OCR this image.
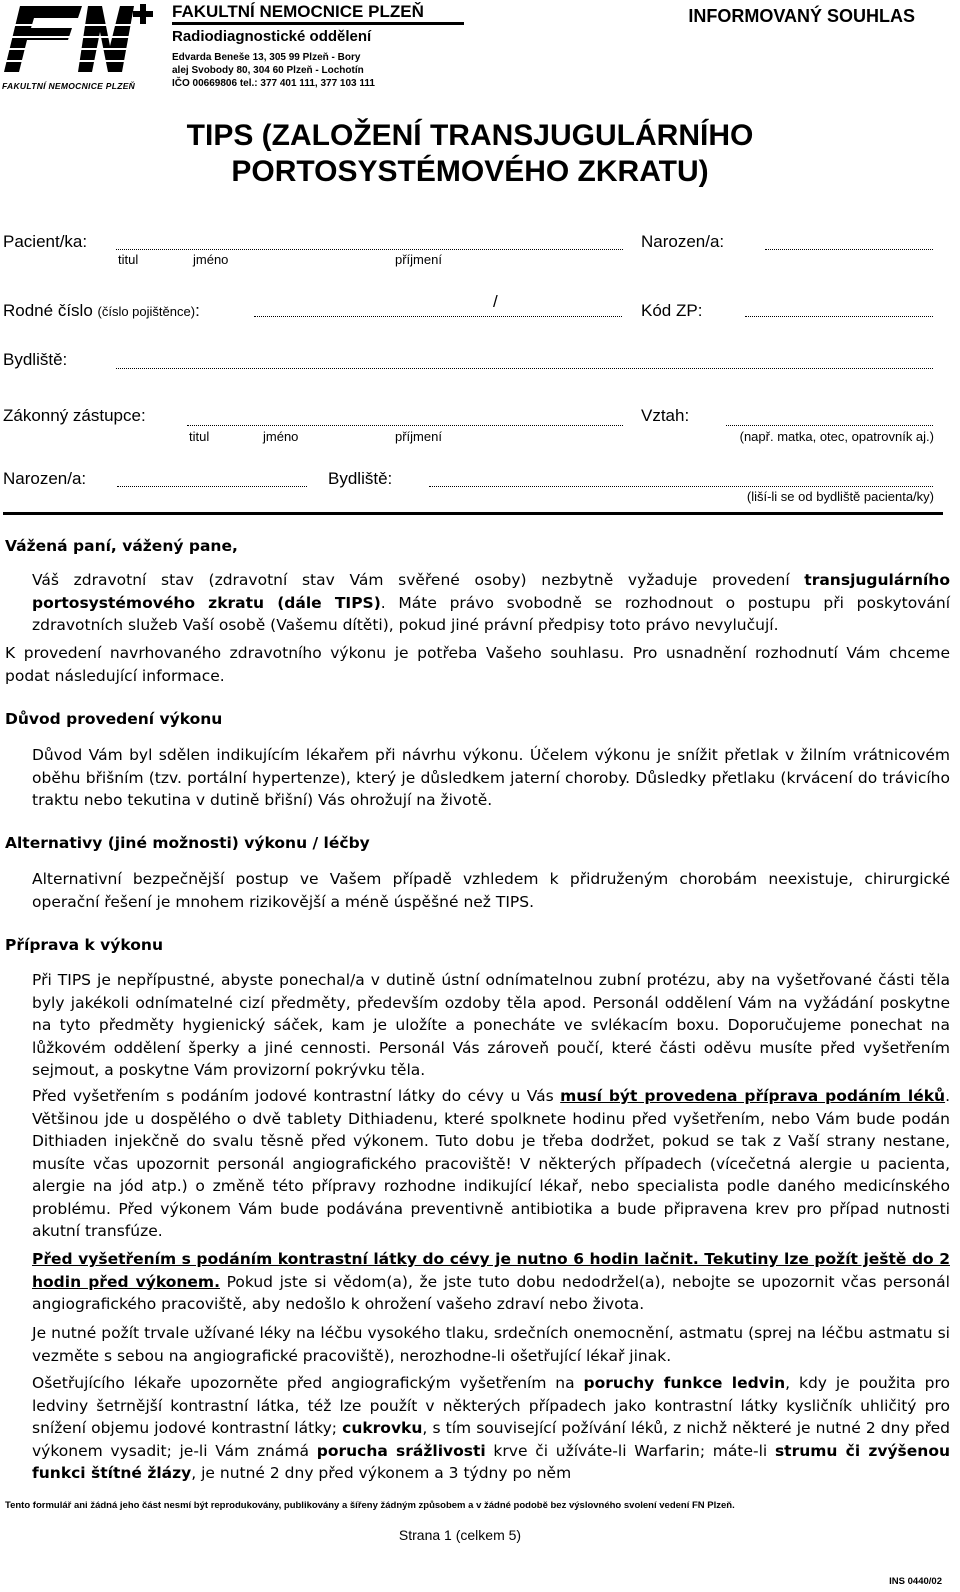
FAKULTNÍ NEMOCNICE PLZEŇ
FAKULTNÍ NEMOCNICE PLZEŇ
Radiodiagnostické oddělení
Edvarda Beneše 13, 305 99 Plzeň - Bory
alej Svobody 80, 304 60 Plzeň - Lochotín
IČO 00669806 tel.: 377 401 111, 377 103 111
INFORMOVANÝ SOUHLAS
TIPS (ZALOŽENÍ TRANSJUGULÁRNÍHO
PORTOSYSTÉMOVÉHO ZKRATU)
Pacient/ka:
titul	jméno	příjmení
Narozen/a:
Rodné číslo (číslo pojištěnce):	/	Kód ZP:
Bydliště:
Zákonný zástupce:
titul	jméno	příjmení
Vztah:
(např. matka, otec, opatrovník aj.)
Narozen/a:	Bydliště:
(liší-li se od bydliště pacienta/ky)
Vážená paní, vážený pane,

Váš zdravotní stav (zdravotní stav Vám svěřené osoby) nezbytně vyžaduje provedení transjugulárního portosystémového zkratu (dále TIPS). Máte právo svobodně se rozhodnout o postupu při poskytování zdravotních služeb Vaší osobě (Vašemu dítěti), pokud jiné právní předpisy toto právo nevylučují.

K provedení navrhovaného zdravotního výkonu je potřeba Vašeho souhlasu. Pro usnadnění rozhodnutí Vám chceme podat následující informace.

Důvod provedení výkonu

Důvod Vám byl sdělen indikujícím lékařem při návrhu výkonu. Účelem výkonu je snížit přetlak v žilním vrátnicovém oběhu břišním (tzv. portální hypertenze), který je důsledkem jaterní choroby. Důsledky přetlaku (krvácení do trávicího traktu nebo tekutina v dutině břišní) Vás ohrožují na životě.

Alternativy (jiné možnosti) výkonu / léčby

Alternativní bezpečnější postup ve Vašem případě vzhledem k přidruženým chorobám neexistuje, chirurgické operační řešení je mnohem rizikovější a méně úspěšné než TIPS.

Příprava k výkonu

Při TIPS je nepřípustné, abyste ponechal/a v dutině ústní odnímatelnou zubní protézu, aby na vyšetřované části těla byly jakékoli odnímatelné cizí předměty, především ozdoby těla apod. Personál oddělení Vám na vyžádání poskytne na tyto předměty hygienický sáček, kam je uložíte a ponecháte ve svlékacím boxu. Doporučujeme ponechat na lůžkovém oddělení šperky a jiné cennosti. Personál Vás zároveň poučí, které části oděvu musíte před vyšetřením sejmout, a poskytne Vám provizorní pokrývku těla.

Před vyšetřením s podáním jodové kontrastní látky do cévy u Vás musí být provedena příprava podáním léků. Většinou jde u dospělého o dvě tablety Dithiadenu, které spolknete hodinu před vyšetřením, nebo Vám bude podán Dithiaden injekčně do svalu těsně před výkonem. Tuto dobu je třeba dodržet, pokud se tak z Vaší strany nestane, musíte včas upozornit personál angiografického pracoviště! V některých případech (vícečetná alergie u pacienta, alergie na jód atp.) o změně této přípravy rozhodne indikující lékař, nebo specialista podle daného medicínského problému. Před výkonem Vám bude podávána preventivně antibiotika a bude připravena krev pro případ nutnosti akutní transfúze.

Před vyšetřením s podáním kontrastní látky do cévy je nutno 6 hodin lačnit. Tekutiny lze požít ještě do 2 hodin před výkonem. Pokud jste si vědom(a), že jste tuto dobu nedodržel(a), nebojte se upozornit včas personál angiografického pracoviště, aby nedošlo k ohrožení vašeho zdraví nebo života.

Je nutné požít trvale užívané léky na léčbu vysokého tlaku, srdečních onemocnění, astmatu (sprej na léčbu astmatu si vezměte s sebou na angiografické pracoviště), nerozhodne-li ošetřující lékař jinak.

Ošetřujícího lékaře upozorněte před angiografickým vyšetřením na poruchy funkce ledvin, kdy je použita pro ledviny šetrnější kontrastní látka, též lze použít v některých případech jako kontrastní látky kysličník uhličitý pro snížení objemu jodové kontrastní látky; cukrovku, s tím související požívání léků, z nichž některé je nutné 2 dny před výkonem vysadit; je-li Vám známá porucha srážlivosti krve či užíváte-li Warfarin; máte-li strumu či zvýšenou funkci štítné žlázy, je nutné 2 dny před výkonem a 3 týdny po něm

Tento formulář ani žádná jeho část nesmí být reprodukovány, publikovány a šířeny žádným způsobem a v žádné podobě bez výslovného svolení vedení FN Plzeň.
Strana 1 (celkem 5)
INS 0440/02
